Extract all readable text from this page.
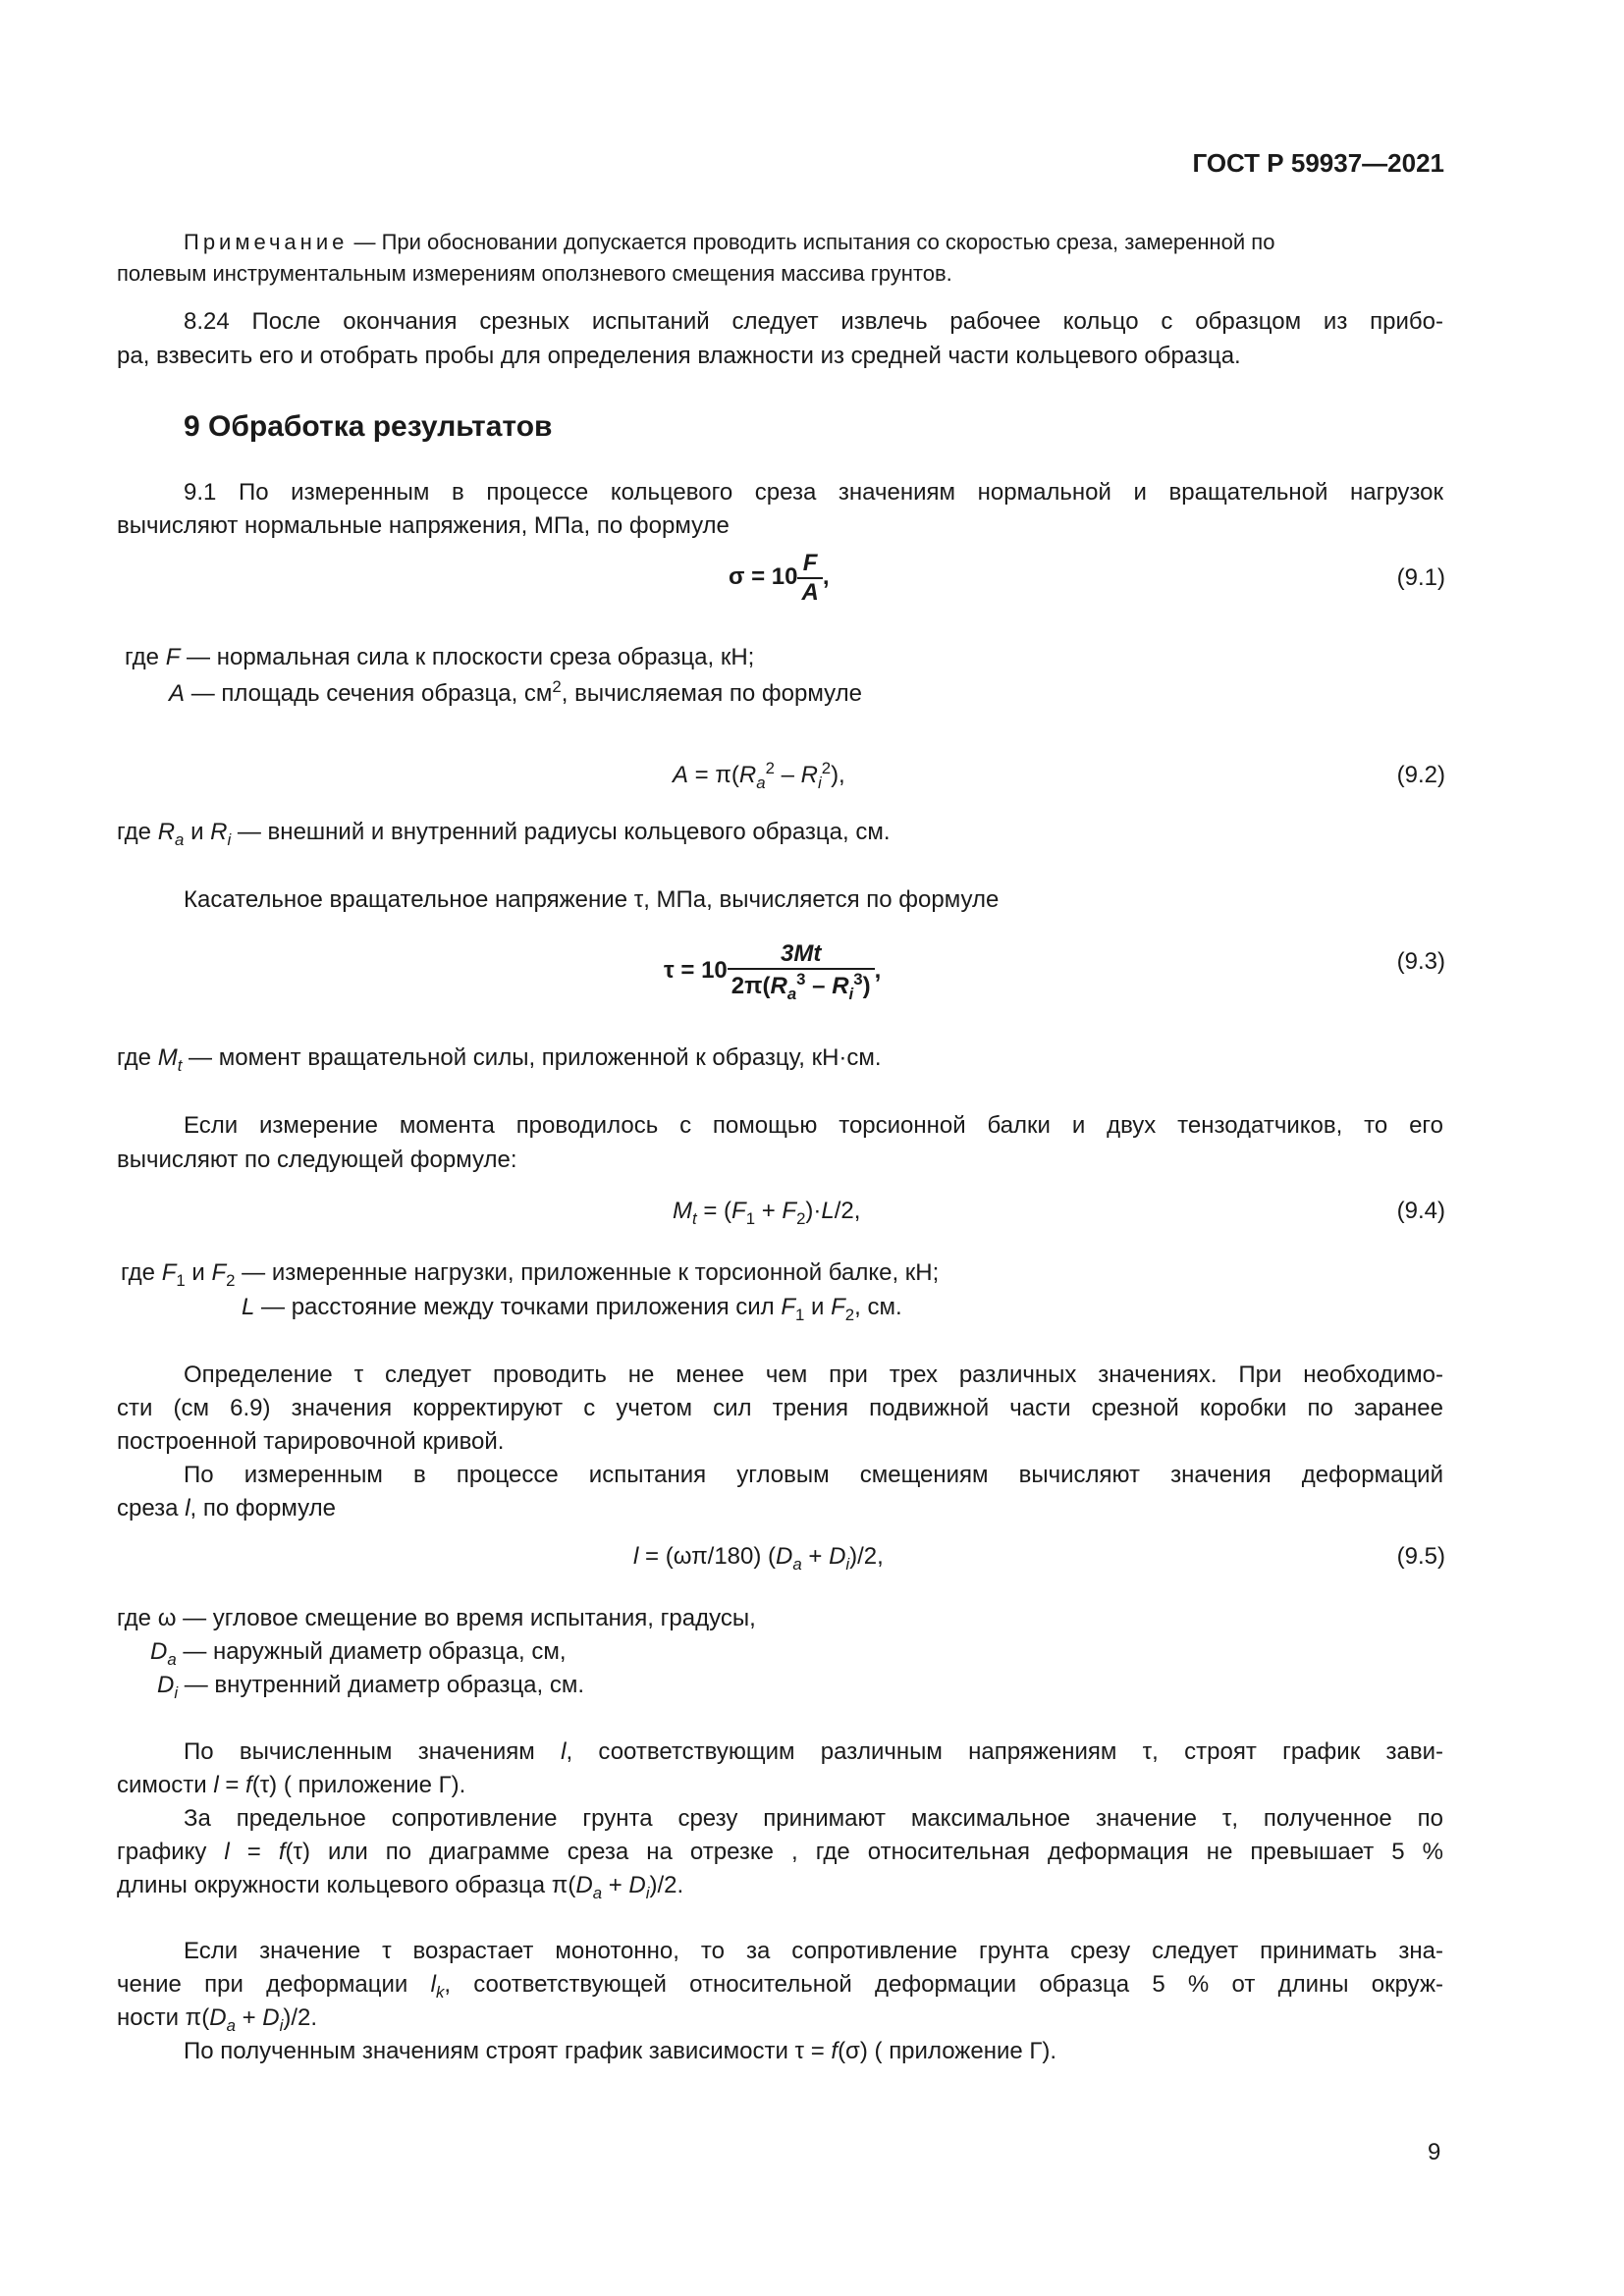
ГОСТ Р 59937—2021
Примечание — При обосновании допускается проводить испытания со скоростью среза, замеренной по
полевым инструментальным измерениям оползневого смещения массива грунтов.
8.24 После окончания срезных испытаний следует извлечь рабочее кольцо с образцом из прибо-
ра, взвесить его и отобрать пробы для определения влажности из средней части кольцевого образца.
9 Обработка результатов
9.1 По измеренным в процессе кольцевого среза значениям нормальной и вращательной нагрузок
вычисляют нормальные напряжения, МПа, по формуле
$\sigma = 10 \frac{F}{A}$ ,	(9.1)
где F — нормальная сила к плоскости среза образца, кН;
A — площадь сечения образца, $см^2$, вычисляемая по формуле
$A = \pi(R_a^2 - R_i^2)$,	(9.2)
где $R_a$ и $R_i$ — внешний и внутренний радиусы кольцевого образца, см.
Касательное вращательное напряжение τ, МПа, вычисляется по формуле
$\tau = 10 \frac{3Mt}{2\pi(R_a^3 - R_i^3)}$ ,	(9.3)
где $M_t$ — момент вращательной силы, приложенной к образцу, кН·см.
Если измерение момента проводилось с помощью торсионной балки и двух тензодатчиков, то его
вычисляют по следующей формуле:
$M_t = (F_1 + F_2)\cdot L/2$,	(9.4)
где $F_1$ и $F_2$ — измеренные нагрузки, приложенные к торсионной балке, кН;
L — расстояние между точками приложения сил $F_1$ и $F_2$, см.
Определение τ следует проводить не менее чем при трех различных значениях. При необходимо-
сти (см 6.9) значения корректируют с учетом сил трения подвижной части срезной коробки по заранее
построенной тарировочной кривой.
По измеренным в процессе испытания угловым смещениям вычисляют значения деформаций
среза l, по формуле
l = (ωπ/180) $(D_a + D_i)/2$,	(9.5)
где ω — угловое смещение во время испытания, градусы,
$D_a$ — наружный диаметр образца, см,
$D_i$ — внутренний диаметр образца, см.
По вычисленным значениям l, соответствующим различным напряжениям τ, строят график зави-
симости l = f(τ) ( приложение Г).
За предельное сопротивление грунта срезу принимают максимальное значение τ, полученное по
графику l = f(τ) или по диаграмме среза на отрезке , где относительная деформация не превышает 5 %
длины окружности кольцевого образца $\pi(D_a + D_i)/2$.
Если значение τ возрастает монотонно, то за сопротивление грунта срезу следует принимать зна-
чение при деформации $l_k$, соответствующей относительной деформации образца 5 % от длины окруж-
ности $\pi(D_a + D_i)/2$.
По полученным значениям строят график зависимости τ = f(σ) ( приложение Г).
9
